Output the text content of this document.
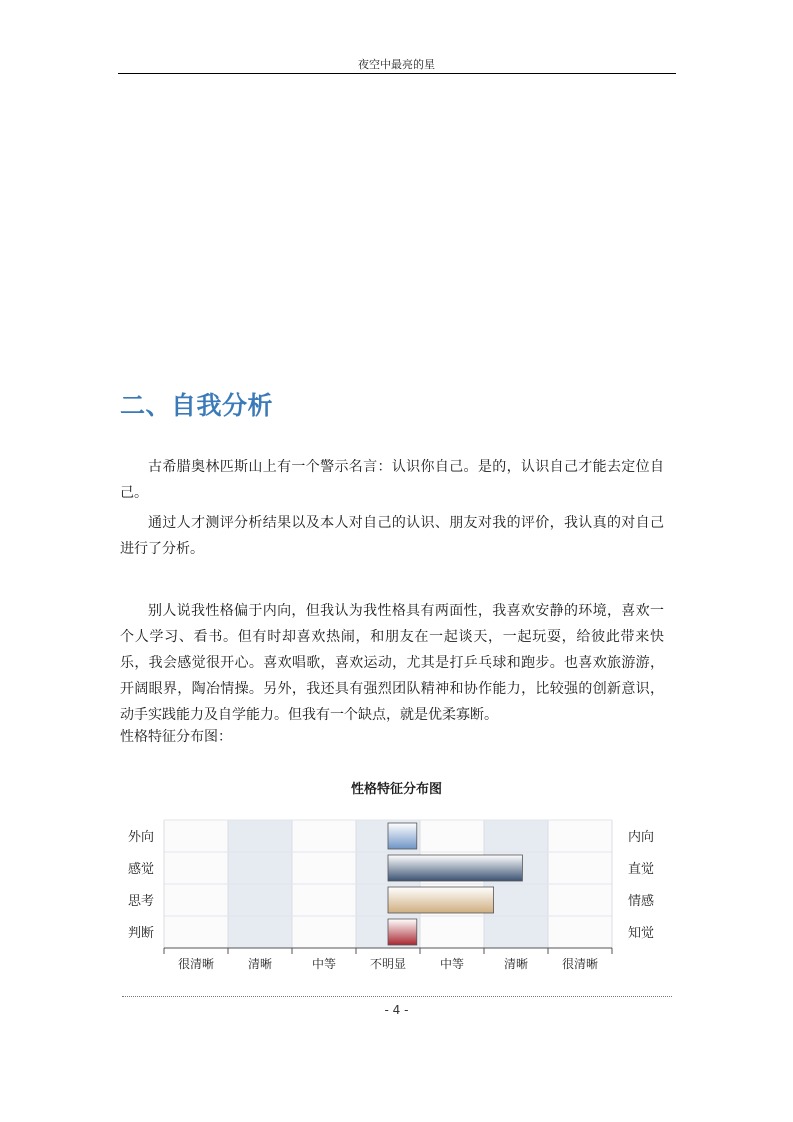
夜空中最亮的星
二、自我分析

古希腊奥林匹斯山上有一个警示名言：认识你自己。是的，认识自己才能去定位自己。

通过人才测评分析结果以及本人对自己的认识、朋友对我的评价，我认真的对自己进行了分析。

别人说我性格偏于内向，但我认为我性格具有两面性，我喜欢安静的环境，喜欢一个人学习、看书。但有时却喜欢热闹，和朋友在一起谈天，一起玩耍，给彼此带来快乐，我会感觉很开心。喜欢唱歌，喜欢运动，尤其是打乒乓球和跑步。也喜欢旅游游，开阔眼界，陶冶情操。另外，我还具有强烈团队精神和协作能力，比较强的创新意识，动手实践能力及自学能力。但我有一个缺点，就是优柔寡断。

性格特征分布图：
性格特征分布图
外向
感觉
思考
判断
内向
直觉
情感
知觉
很清晰	清晰	中等	不明显	中等	清晰	很清晰
- 4 -
